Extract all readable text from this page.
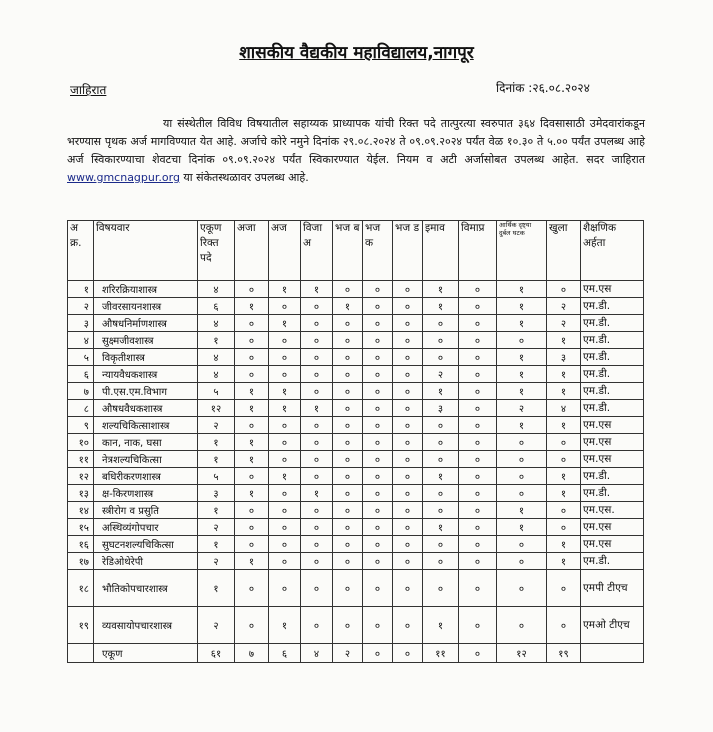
शासकीय वैद्यकीय महाविद्यालय,नागपूर
जाहिरात	दिनांक :२६.०८.२०२४
या संस्थेतील विविध विषयातील सहाय्यक प्राध्यापक यांची रिक्त पदे तात्पुरत्या स्वरुपात ३६४ दिवसासाठी उमेदवारांकडून भरण्यास पृथक अर्ज मागविण्यात येत आहे. अर्जाचे कोरे नमुने दिनांक २९.०८.२०२४ ते ०९.०९.२०२४ पर्यंत वेळ १०.३० ते ५.०० पर्यंत उपलब्ध आहे अर्ज स्विकारण्याचा शेवटचा दिनांक ०९.०९.२०२४ पर्यंत स्विकारण्यात येईल. नियम व अटी अर्जासोबत उपलब्ध आहेत. सदर जाहिरात www.gmcnagpur.org या संकेतस्थळावर उपलब्ध आहे.
अ क्र.	विषयवार	एकूण रिक्त पदे	अजा	अज	विजा अ	भज ब	भज क	भज ड	इमाव	विमाप्र	आर्थिक दृष्ट्या दुर्बल घटक	खुला	शैक्षणिक अर्हता
१	शरिरक्रियाशास्त्र	४	०	१	१	०	०	०	१	०	१	०	एम.एस
२	जीवरसायनशास्त्र	६	१	०	०	१	०	०	१	०	१	२	एम.डी.
३	औषधनिर्माणशास्त्र	४	०	१	०	०	०	०	०	०	१	२	एम.डी.
४	सुक्ष्मजीवशास्त्र	१	०	०	०	०	०	०	०	०	०	१	एम.डी.
५	विकृतीशास्त्र	४	०	०	०	०	०	०	०	०	१	३	एम.डी.
६	न्यायवैधकशास्त्र	४	०	०	०	०	०	०	२	०	१	१	एम.डी.
७	पी.एस.एम.विभाग	५	१	१	०	०	०	०	१	०	१	१	एम.डी.
८	औषधवैधकशास्त्र	१२	१	१	१	०	०	०	३	०	२	४	एम.डी.
९	शल्यचिकित्साशास्त्र	२	०	०	०	०	०	०	०	०	१	१	एम.एस
१०	कान, नाक, घसा	१	१	०	०	०	०	०	०	०	०	०	एम.एस
११	नेत्रशल्यचिकित्सा	१	१	०	०	०	०	०	०	०	०	०	एम.एस
१२	बधिरीकरणशास्त्र	५	०	१	०	०	०	०	१	०	०	१	एम.डी.
१३	क्ष-किरणशास्त्र	३	१	०	१	०	०	०	०	०	०	१	एम.डी.
१४	स्त्रीरोग व प्रसुति	१	०	०	०	०	०	०	०	०	१	०	एम.एस.
१५	अस्थिव्यंगोपचार	२	०	०	०	०	०	०	१	०	१	०	एम.एस
१६	सुघटनशल्यचिकित्सा	१	०	०	०	०	०	०	०	०	०	१	एम.एस
१७	रेडिओथेरेपी	२	१	०	०	०	०	०	०	०	०	१	एम.डी.
१८	भौतिकोपचारशास्त्र	१	०	०	०	०	०	०	०	०	०	०	एमपी टीएच
१९	व्यवसायोपचारशास्त्र	२	०	१	०	०	०	०	१	०	०	०	एमओ टीएच
	एकूण	६१	७	६	४	२	०	०	११	०	१२	१९	
